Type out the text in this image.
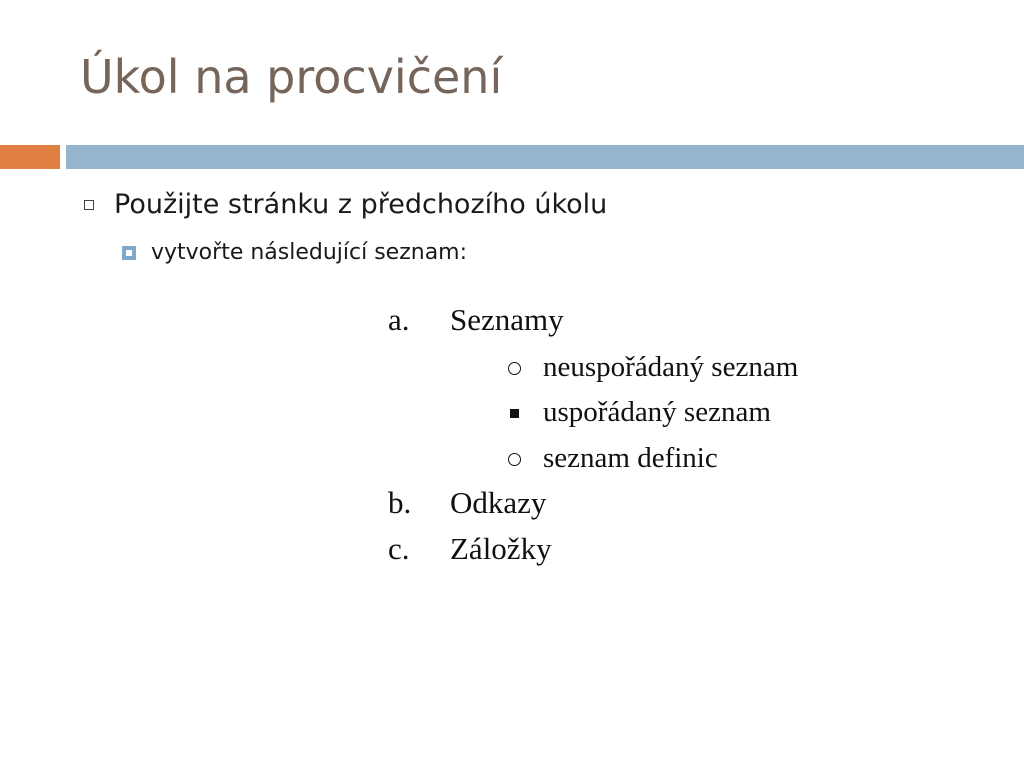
Úkol na procvičení
Použijte stránku z předchozího úkolu
vytvořte následující seznam:
a.	Seznamy
neuspořádaný seznam
uspořádaný seznam
seznam definic
b.	Odkazy
c.	Záložky
